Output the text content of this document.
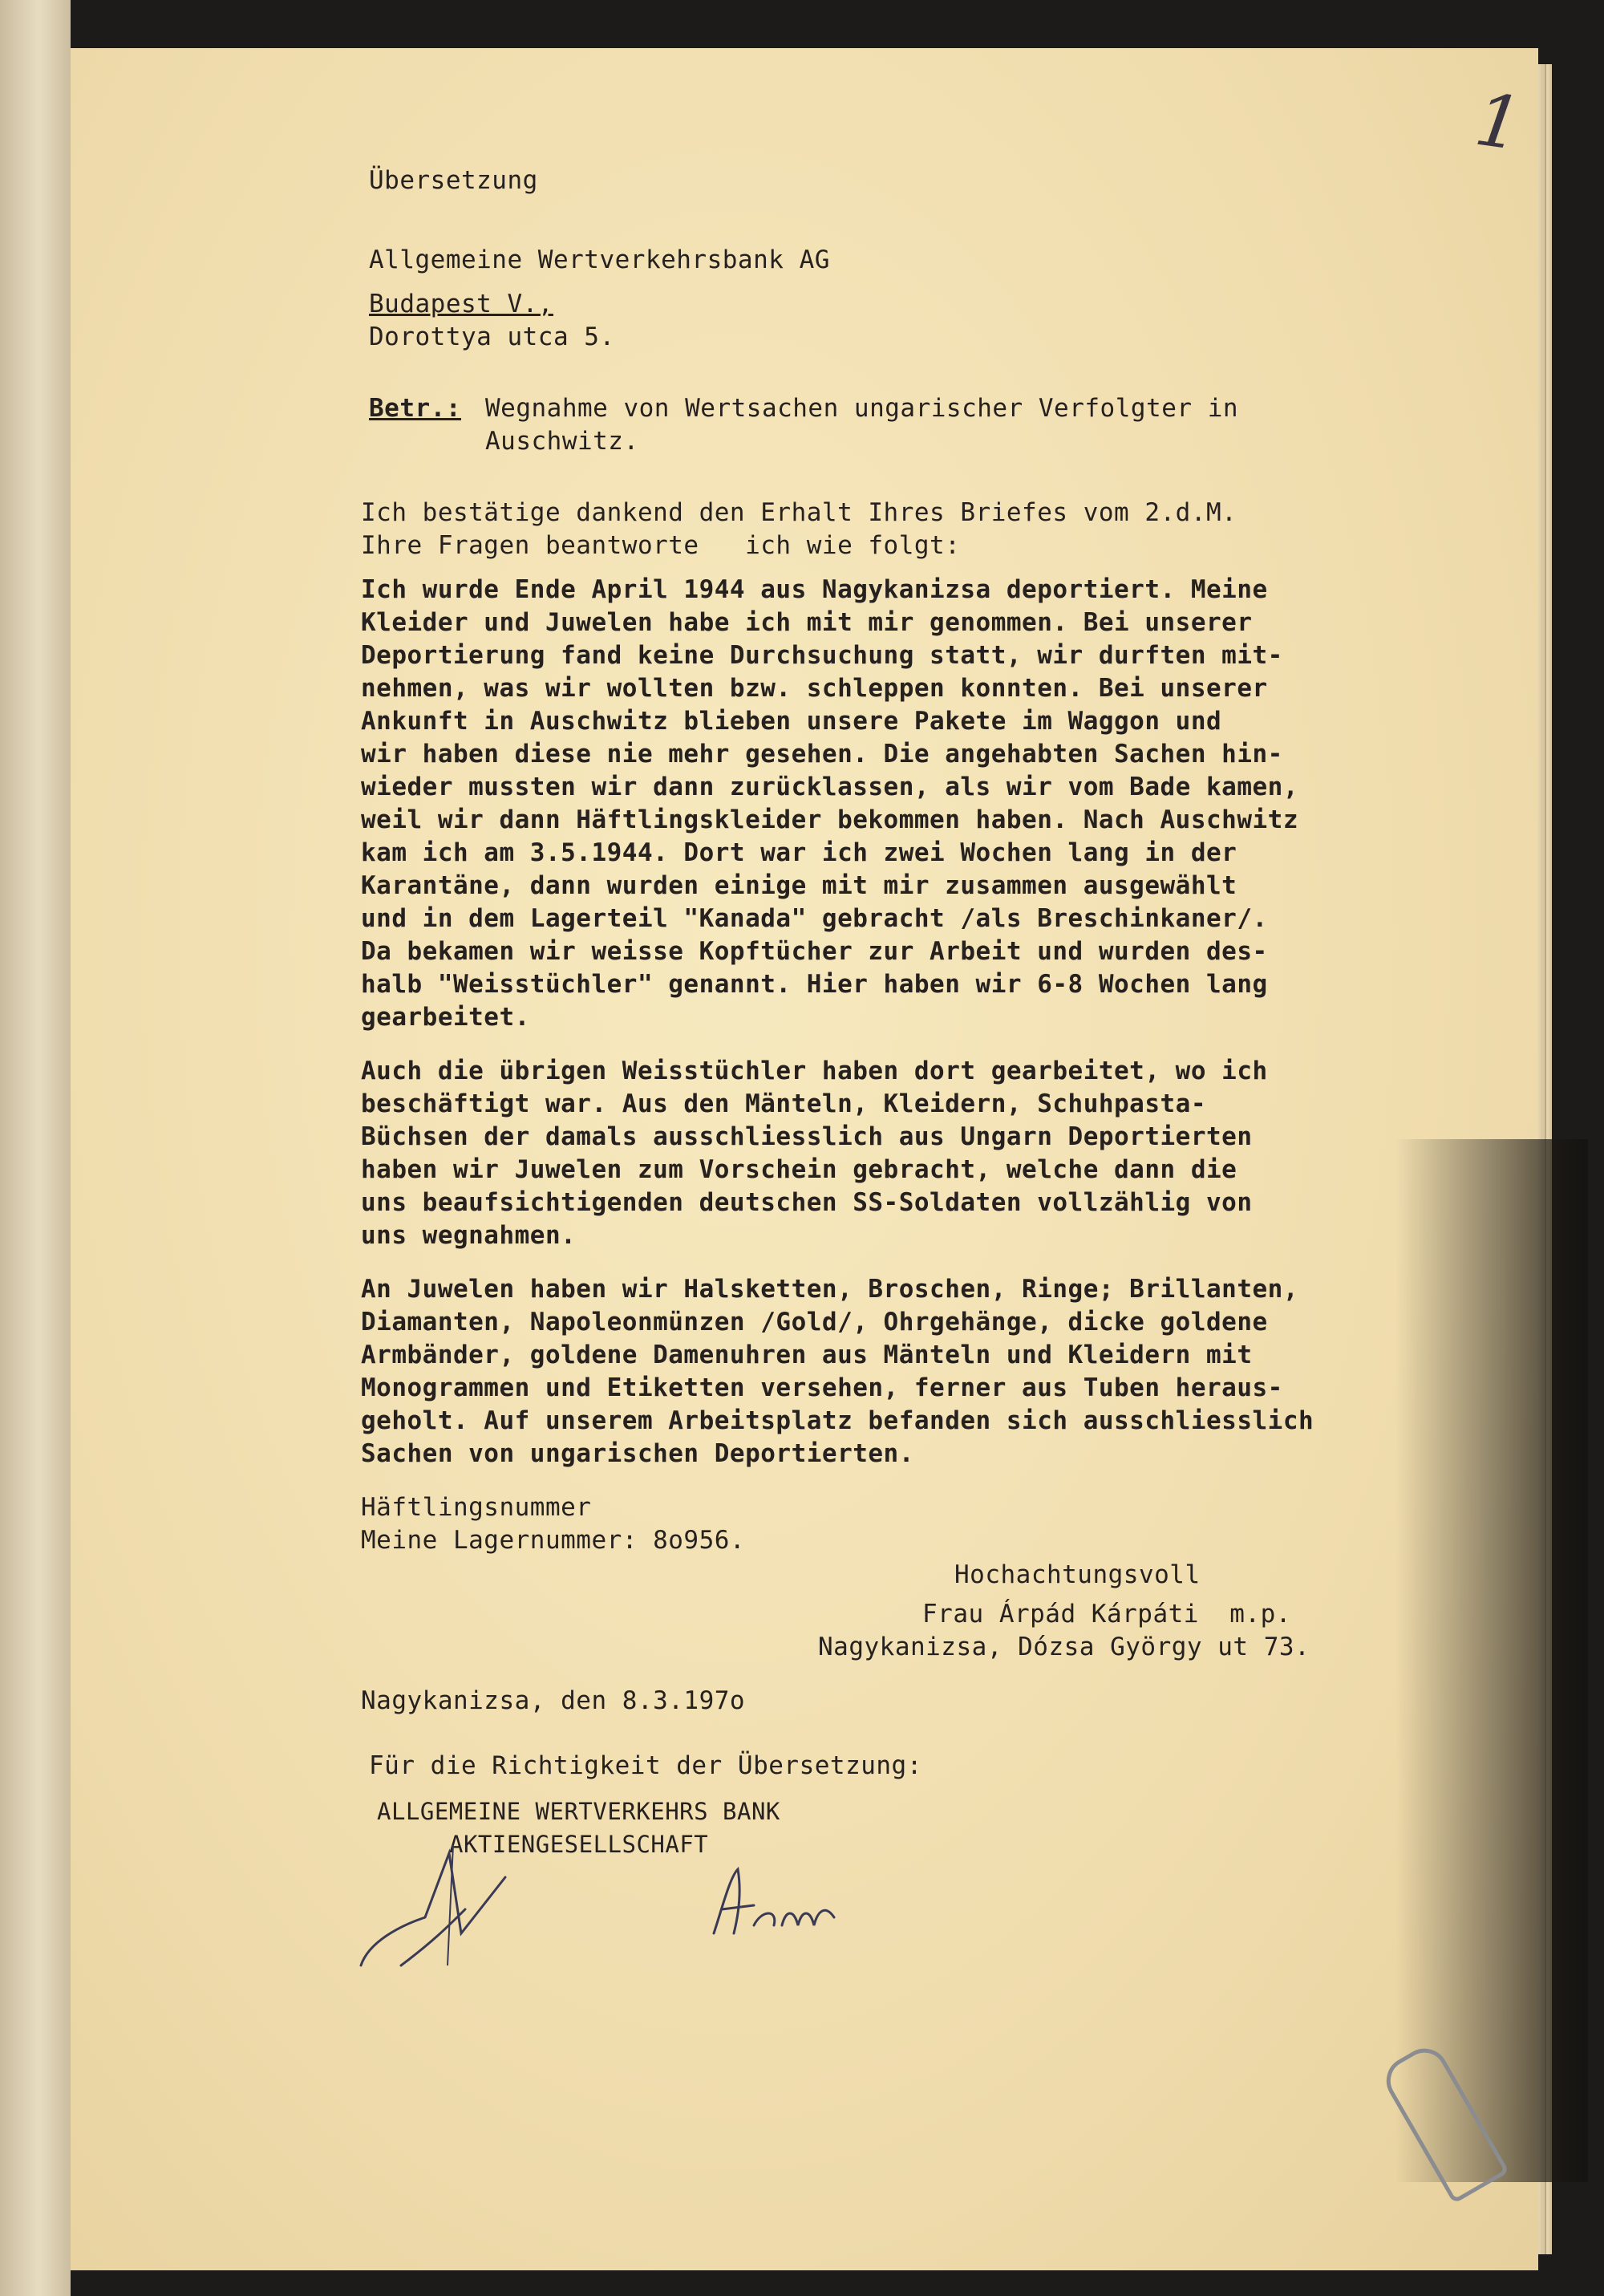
1

Übersetzung

Allgemeine Wertverkehrsbank AG

Budapest V.,

Dorottya utca 5.

Betr.: Wegnahme von Wertsachen ungarischer Verfolgter in
Auschwitz.

Ich bestätige dankend den Erhalt Ihres Briefes vom 2.d.M.

Ihre Fragen beantworte   ich wie folgt:

Ich wurde Ende April 1944 aus Nagykanizsa deportiert. Meine

Kleider und Juwelen habe ich mit mir genommen. Bei unserer

Deportierung fand keine Durchsuchung statt, wir durften mit-

nehmen, was wir wollten bzw. schleppen konnten. Bei unserer

Ankunft in Auschwitz blieben unsere Pakete im Waggon und

wir haben diese nie mehr gesehen. Die angehabten Sachen hin-

wieder mussten wir dann zurücklassen, als wir vom Bade kamen,

weil wir dann Häftlingskleider bekommen haben. Nach Auschwitz

kam ich am 3.5.1944. Dort war ich zwei Wochen lang in der

Karantäne, dann wurden einige mit mir zusammen ausgewählt

und in dem Lagerteil "Kanada" gebracht /als Breschinkaner/.

Da bekamen wir weisse Kopftücher zur Arbeit und wurden des-

halb "Weisstüchler" genannt. Hier haben wir 6-8 Wochen lang

gearbeitet.

Auch die übrigen Weisstüchler haben dort gearbeitet, wo ich

beschäftigt war. Aus den Mänteln, Kleidern, Schuhpasta-

Büchsen der damals ausschliesslich aus Ungarn Deportierten

haben wir Juwelen zum Vorschein gebracht, welche dann die

uns beaufsichtigenden deutschen SS-Soldaten vollzählig von

uns wegnahmen.

An Juwelen haben wir Halsketten, Broschen, Ringe; Brillanten,

Diamanten, Napoleonmünzen /Gold/, Ohrgehänge, dicke goldene

Armbänder, goldene Damenuhren aus Mänteln und Kleidern mit

Monogrammen und Etiketten versehen, ferner aus Tuben heraus-

geholt. Auf unserem Arbeitsplatz befanden sich ausschliesslich

Sachen von ungarischen Deportierten.

Häftlingsnummer

Meine Lagernummer: 8o956.

Hochachtungsvoll

Frau Árpád Kárpáti  m.p.

Nagykanizsa, Dózsa György ut 73.

Nagykanizsa, den 8.3.197o

Für die Richtigkeit der Übersetzung:

ALLGEMEINE WERTVERKEHRS BANK

AKTIENGESELLSCHAFT
